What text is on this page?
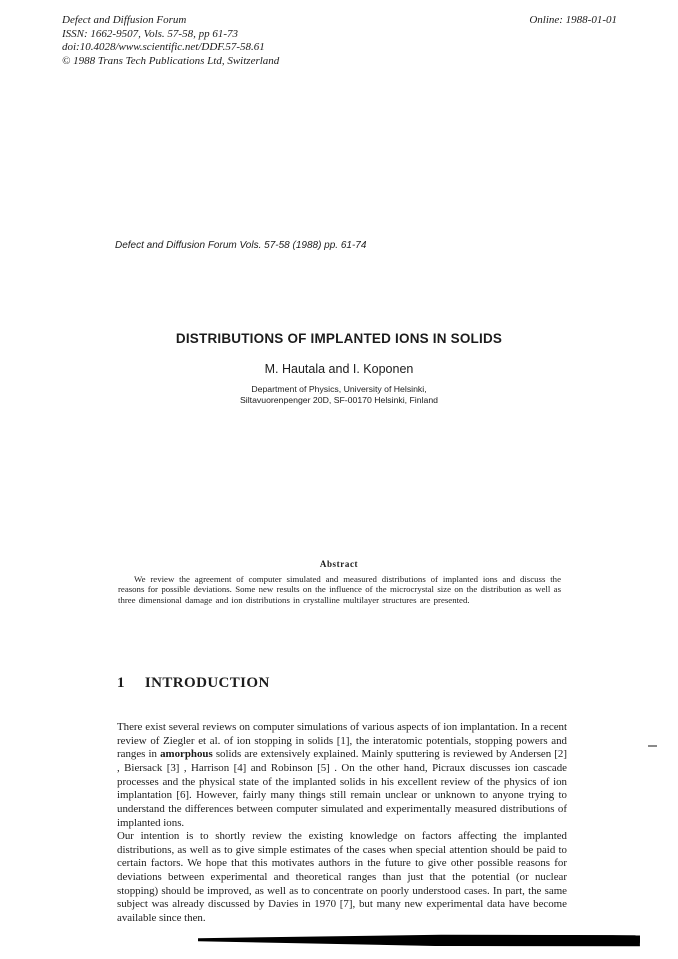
Defect and Diffusion Forum
ISSN: 1662-9507, Vols. 57-58, pp 61-73
doi:10.4028/www.scientific.net/DDF.57-58.61
© 1988 Trans Tech Publications Ltd, Switzerland
Online: 1988-01-01
Defect and Diffusion Forum Vols. 57-58 (1988) pp. 61-74
DISTRIBUTIONS OF IMPLANTED IONS IN SOLIDS
M. Hautala and I. Koponen
Department of Physics, University of Helsinki,
Siltavuorenpenger 20D, SF-00170 Helsinki, Finland
Abstract
We review the agreement of computer simulated and measured distributions of implanted ions and discuss the reasons for possible deviations. Some new results on the influence of the microcrystal size on the distribution as well as three dimensional damage and ion distributions in crystalline multilayer structures are presented.
1 INTRODUCTION

There exist several reviews on computer simulations of various aspects of ion implantation. In a recent review of Ziegler et al. of ion stopping in solids [1], the interatomic potentials, stopping powers and ranges in amorphous solids are extensively explained. Mainly sputtering is reviewed by Andersen [2] , Biersack [3] , Harrison [4] and Robinson [5] . On the other hand, Picraux discusses ion cascade processes and the physical state of the implanted solids in his excellent review of the physics of ion implantation [6]. However, fairly many things still remain unclear or unknown to anyone trying to understand the differences between computer simulated and experimentally measured distributions of implanted ions.

Our intention is to shortly review the existing knowledge on factors affecting the implanted distributions, as well as to give simple estimates of the cases when special attention should be paid to certain factors. We hope that this motivates authors in the future to give other possible reasons for deviations between experimental and theoretical ranges than just that the potential (or nuclear stopping) should be improved, as well as to concentrate on poorly understood cases. In part, the same subject was already discussed by Davies in 1970 [7], but many new experimental data have become available since then.
